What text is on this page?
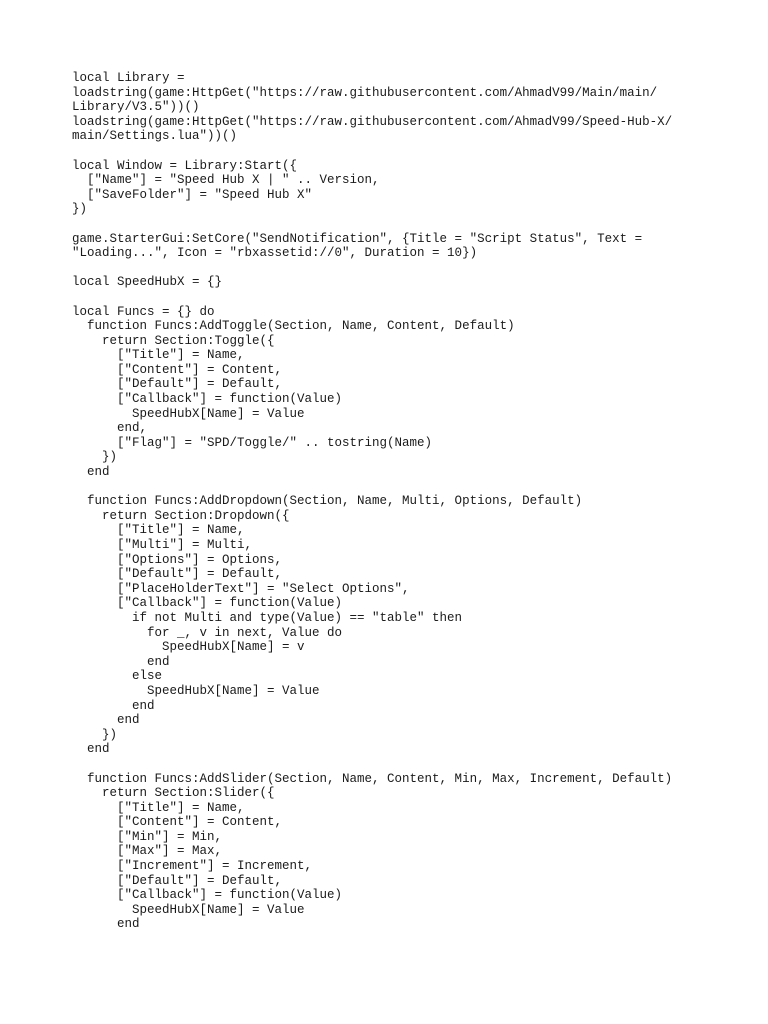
local Library =
loadstring(game:HttpGet("https://raw.githubusercontent.com/AhmadV99/Main/main/
Library/V3.5"))()
loadstring(game:HttpGet("https://raw.githubusercontent.com/AhmadV99/Speed-Hub-X/
main/Settings.lua"))()
local Window = Library:Start({
["Name"] = "Speed Hub X | " .. Version,
["SaveFolder"] = "Speed Hub X"
})
game.StarterGui:SetCore("SendNotification", {Title = "Script Status", Text =
"Loading...", Icon = "rbxassetid://0", Duration = 10})
local SpeedHubX = {}
local Funcs = {} do
function Funcs:AddToggle(Section, Name, Content, Default)
return Section:Toggle({
["Title"] = Name,
["Content"] = Content,
["Default"] = Default,
["Callback"] = function(Value)
SpeedHubX[Name] = Value
end,
["Flag"] = "SPD/Toggle/" .. tostring(Name)
})
end
function Funcs:AddDropdown(Section, Name, Multi, Options, Default)
return Section:Dropdown({
["Title"] = Name,
["Multi"] = Multi,
["Options"] = Options,
["Default"] = Default,
["PlaceHolderText"] = "Select Options",
["Callback"] = function(Value)
if not Multi and type(Value) == "table" then
for _, v in next, Value do
SpeedHubX[Name] = v
end
else
SpeedHubX[Name] = Value
end
end
})
end
function Funcs:AddSlider(Section, Name, Content, Min, Max, Increment, Default)
return Section:Slider({
["Title"] = Name,
["Content"] = Content,
["Min"] = Min,
["Max"] = Max,
["Increment"] = Increment,
["Default"] = Default,
["Callback"] = function(Value)
SpeedHubX[Name] = Value
end
